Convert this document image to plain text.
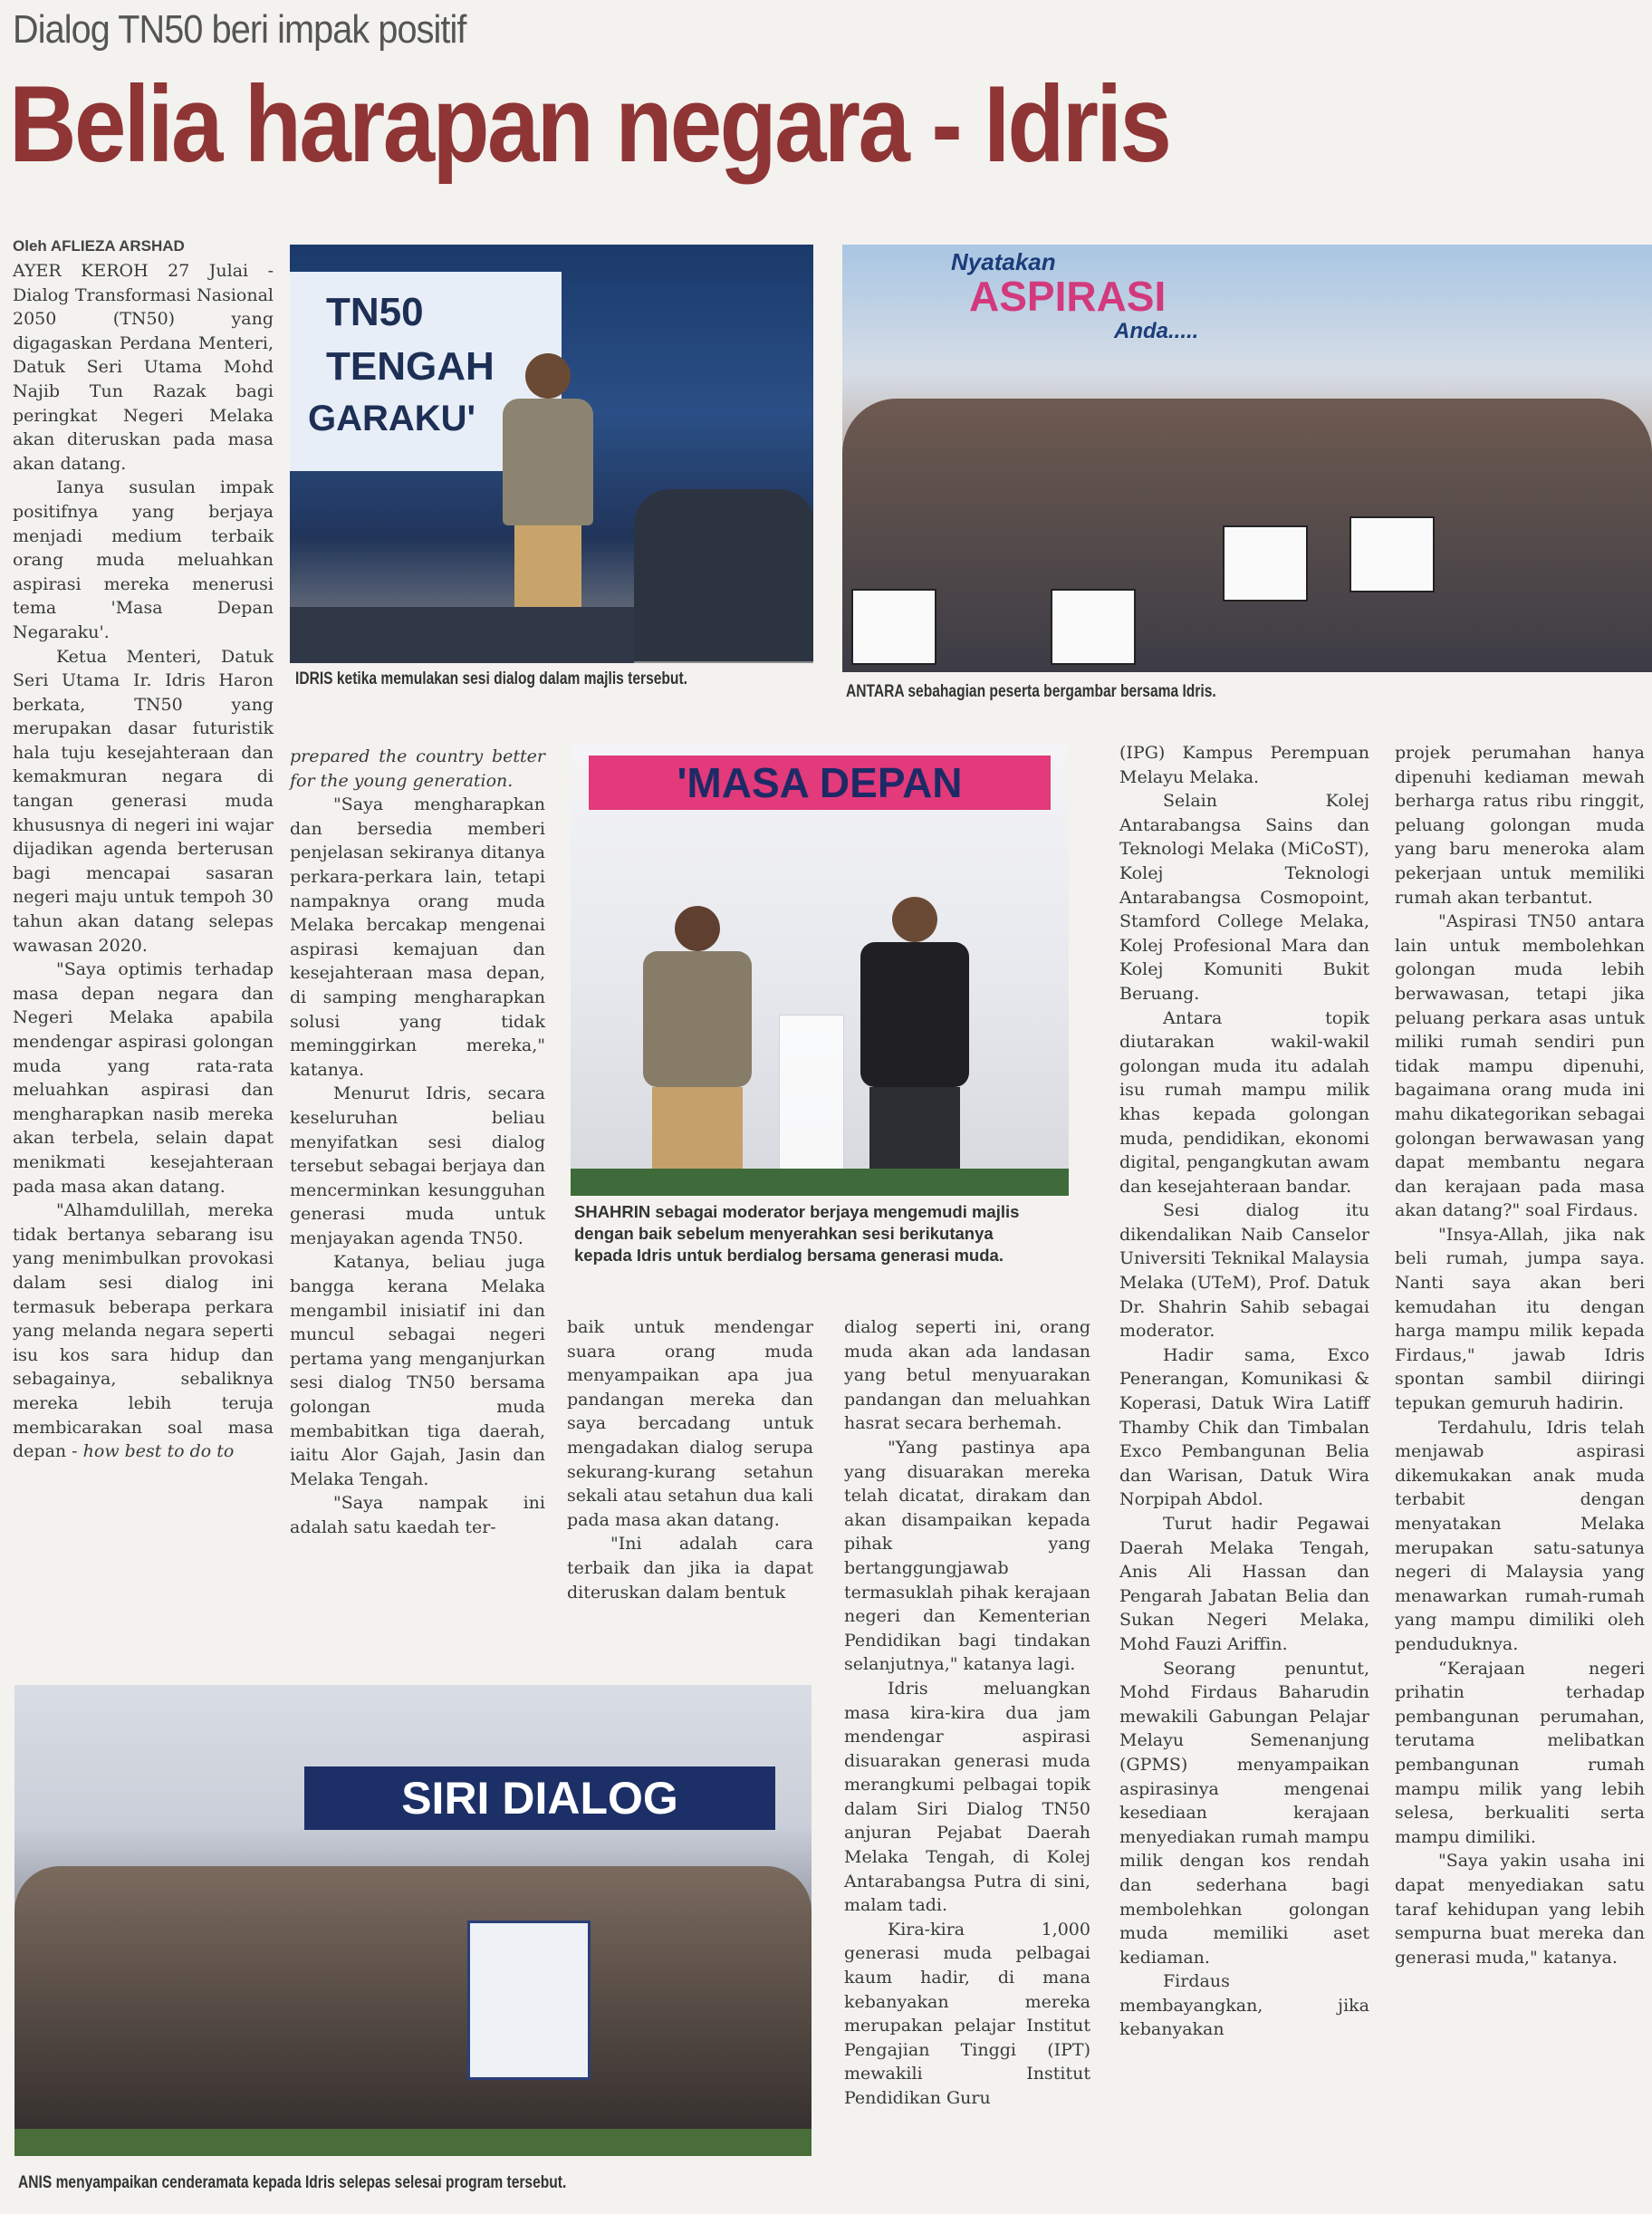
Dialog TN50 beri impak positif
Belia harapan negara - Idris
Oleh AFLIEZA ARSHAD
TN50
TENGAH
GARAKU'
IDRIS ketika memulakan sesi dialog dalam majlis tersebut.
Nyatakan
ASPIRASI
Anda.....
ANTARA sebahagian peserta bergambar bersama Idris.
'MASA DEPAN
SHAHRIN sebagai moderator berjaya mengemudi majlis dengan baik sebelum menyerahkan sesi berikutanya kepada Idris untuk berdialog bersama generasi muda.
SIRI DIALOG
ANIS menyampaikan cenderamata kepada Idris selepas selesai program tersebut.

AYER KEROH 27 Julai - Dialog Transformasi Nasional 2050 (TN50) yang digagaskan Perdana Menteri, Datuk Seri Utama Mohd Najib Tun Razak bagi peringkat Negeri Melaka akan diteruskan pada masa akan datang.

Ianya susulan impak positifnya yang berjaya menjadi medium terbaik orang muda meluahkan aspirasi mereka menerusi tema 'Masa Depan Negaraku'.

Ketua Menteri, Datuk Seri Utama Ir. Idris Haron berkata, TN50 yang merupakan dasar futuristik hala tuju kesejahteraan dan kemakmuran negara di tangan generasi muda khususnya di negeri ini wajar dijadikan agenda berterusan bagi mencapai sasaran negeri maju untuk tempoh 30 tahun akan datang selepas wawasan 2020.

"Saya optimis terhadap masa depan negara dan Negeri Melaka apabila mendengar aspirasi golongan muda yang rata-rata meluahkan aspirasi dan mengharapkan nasib mereka akan terbela, selain dapat menikmati kesejahteraan pada masa akan datang.

"Alhamdulillah, mereka tidak bertanya sebarang isu yang menimbulkan provokasi dalam sesi dialog ini termasuk beberapa perkara yang melanda negara seperti isu kos sara hidup dan sebagainya, sebaliknya mereka lebih teruja membicarakan soal masa depan - how best to do to

prepared the country better for the young generation.

"Saya mengharapkan dan bersedia memberi penjelasan sekiranya ditanya perkara-perkara lain, tetapi nampaknya orang muda Melaka bercakap mengenai aspirasi kemajuan dan kesejahteraan masa depan, di samping mengharapkan solusi yang tidak meminggirkan mereka," katanya.

Menurut Idris, secara keseluruhan beliau menyifatkan sesi dialog tersebut sebagai berjaya dan mencerminkan kesungguhan generasi muda untuk menjayakan agenda TN50.

Katanya, beliau juga bangga kerana Melaka mengambil inisiatif ini dan muncul sebagai negeri pertama yang menganjurkan sesi dialog TN50 bersama golongan muda membabitkan tiga daerah, iaitu Alor Gajah, Jasin dan Melaka Tengah.

"Saya nampak ini adalah satu kaedah ter-

baik untuk mendengar suara orang muda menyampaikan apa jua pandangan mereka dan saya bercadang untuk mengadakan dialog serupa sekurang-kurang setahun sekali atau setahun dua kali pada masa akan datang.

"Ini adalah cara terbaik dan jika ia dapat diteruskan dalam bentuk

dialog seperti ini, orang muda akan ada landasan yang betul menyuarakan pandangan dan meluahkan hasrat secara berhemah.

"Yang pastinya apa yang disuarakan mereka telah dicatat, dirakam dan akan disampaikan kepada pihak yang bertanggungjawab termasuklah pihak kerajaan negeri dan Kementerian Pendidikan bagi tindakan selanjutnya," katanya lagi.

Idris meluangkan masa kira-kira dua jam mendengar aspirasi disuarakan generasi muda merangkumi pelbagai topik dalam Siri Dialog TN50 anjuran Pejabat Daerah Melaka Tengah, di Kolej Antarabangsa Putra di sini, malam tadi.

Kira-kira 1,000 generasi muda pelbagai kaum hadir, di mana kebanyakan mereka merupakan pelajar Institut Pengajian Tinggi (IPT) mewakili Institut Pendidikan Guru

(IPG) Kampus Perempuan Melayu Melaka.

Selain Kolej Antarabangsa Sains dan Teknologi Melaka (MiCoST), Kolej Teknologi Antarabangsa Cosmopoint, Stamford College Melaka, Kolej Profesional Mara dan Kolej Komuniti Bukit Beruang.

Antara topik diutarakan wakil-wakil golongan muda itu adalah isu rumah mampu milik khas kepada golongan muda, pendidikan, ekonomi digital, pengangkutan awam dan kesejahteraan bandar.

Sesi dialog itu dikendalikan Naib Canselor Universiti Teknikal Malaysia Melaka (UTeM), Prof. Datuk Dr. Shahrin Sahib sebagai moderator.

Hadir sama, Exco Penerangan, Komunikasi & Koperasi, Datuk Wira Latiff Thamby Chik dan Timbalan Exco Pembangunan Belia dan Warisan, Datuk Wira Norpipah Abdol.

Turut hadir Pegawai Daerah Melaka Tengah, Anis Ali Hassan dan Pengarah Jabatan Belia dan Sukan Negeri Melaka, Mohd Fauzi Ariffin.

Seorang penuntut, Mohd Firdaus Baharudin mewakili Gabungan Pelajar Melayu Semenanjung (GPMS) menyampaikan aspirasinya mengenai kesediaan kerajaan menyediakan rumah mampu milik dengan kos rendah dan sederhana bagi membolehkan golongan muda memiliki aset kediaman.

Firdaus membayangkan, jika kebanyakan

projek perumahan hanya dipenuhi kediaman mewah berharga ratus ribu ringgit, peluang golongan muda yang baru meneroka alam pekerjaan untuk memiliki rumah akan terbantut.

"Aspirasi TN50 antara lain untuk membolehkan golongan muda lebih berwawasan, tetapi jika peluang perkara asas untuk miliki rumah sendiri pun tidak mampu dipenuhi, bagaimana orang muda ini mahu dikategorikan sebagai golongan berwawasan yang dapat membantu negara dan kerajaan pada masa akan datang?" soal Firdaus.

"Insya-Allah, jika nak beli rumah, jumpa saya. Nanti saya akan beri kemudahan itu dengan harga mampu milik kepada Firdaus," jawab Idris spontan sambil diiringi tepukan gemuruh hadirin.

Terdahulu, Idris telah menjawab aspirasi dikemukakan anak muda terbabit dengan menyatakan Melaka merupakan satu-satunya negeri di Malaysia yang menawarkan rumah-rumah yang mampu dimiliki oleh penduduknya.

“Kerajaan negeri prihatin terhadap pembangunan perumahan, terutama melibatkan pembangunan rumah mampu milik yang lebih selesa, berkualiti serta mampu dimiliki.

"Saya yakin usaha ini dapat menyediakan satu taraf kehidupan yang lebih sempurna buat mereka dan generasi muda," katanya.
